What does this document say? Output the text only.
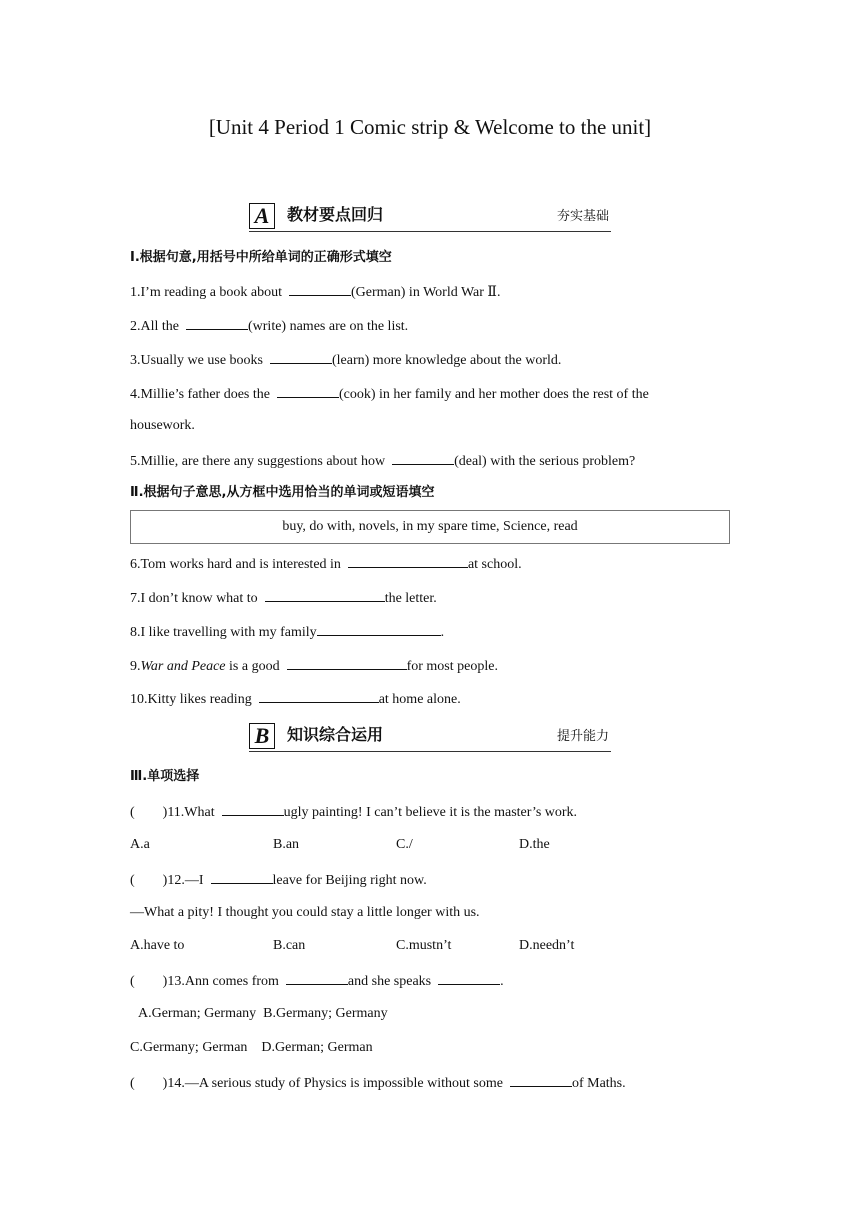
[Unit 4 Period 1 Comic strip & Welcome to the unit]
A	教材要点回归	夯实基础
Ⅰ.根据句意,用括号中所给单词的正确形式填空
1.I’m reading a book about	(German) in World War Ⅱ.
2.All the	(write) names are on the list.
3.Usually we use books	(learn) more knowledge about the world.
4.Millie’s father does the	(cook) in her family and her mother does the rest of the
housework.
5.Millie, are there any suggestions about how	(deal) with the serious problem?
Ⅱ.根据句子意思,从方框中选用恰当的单词或短语填空
buy, do with, novels, in my spare time, Science, read
6.Tom works hard and is interested in	at school.
7.I don’t know what to	the letter.
8.I like travelling with my family	.
9.War and Peace is a good	for most people.
10.Kitty likes reading	at home alone.
B	知识综合运用	提升能力
Ⅲ.单项选择
(        )11.What	ugly painting! I can’t believe it is the master’s work.
A.a	B.an	C./	D.the
(        )12.—I	leave for Beijing right now.
—What a pity! I thought you could stay a little longer with us.
A.have to	B.can	C.mustn’t	D.needn’t
(        )13.Ann comes from	and she speaks	.
A.German; Germany  B.Germany; Germany
C.Germany; German    D.German; German
(        )14.—A serious study of Physics is impossible without some	of Maths.
